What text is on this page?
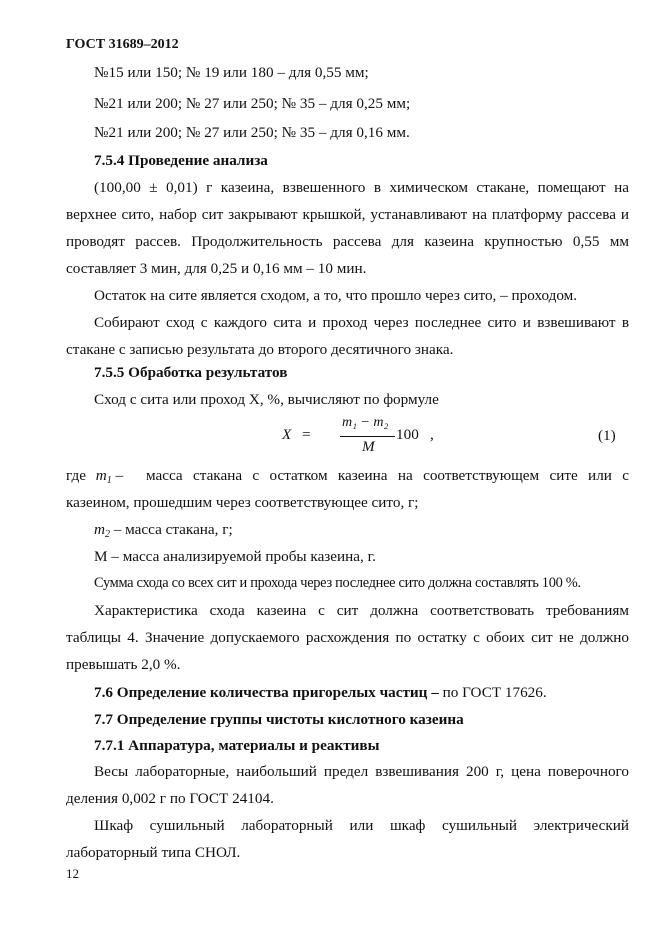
ГОСТ 31689–2012
№15 или 150; № 19 или 180 – для 0,55 мм;
№21 или 200; № 27 или 250; № 35 – для 0,25 мм;
№21 или 200; № 27 или 250; № 35 – для 0,16 мм.
7.5.4 Проведение анализа
(100,00 ± 0,01) г казеина, взвешенного в химическом стакане, помещают на
верхнее сито, набор сит закрывают крышкой, устанавливают на платформу рассева и
проводят рассев. Продолжительность рассева для казеина крупностью 0,55 мм
составляет 3 мин, для 0,25 и 0,16 мм – 10 мин.
Остаток на сите является сходом, а то, что прошло через сито, – проходом.
Собирают сход с каждого сита и проход через последнее сито и взвешивают в
стакане с записью результата до второго десятичного знака.
7.5.5 Обработка результатов
Сход с сита или проход Х, %, вычисляют по формуле
X =
m₁ − m₂
M
100 ,	(1)
где $m_1$ – масса стакана с остатком казеина на соответствующем сите или с
казеином, прошедшим через соответствующее сито, г;
$m_2$ – масса стакана, г;
М – масса анализируемой пробы казеина, г.
Сумма схода со всех сит и прохода через последнее сито должна составлять 100 %.
Характеристика схода казеина с сит должна соответствовать требованиям
таблицы 4. Значение допускаемого расхождения по остатку с обоих сит не должно
превышать 2,0 %.
7.6 Определение количества пригорелых частиц – по ГОСТ 17626.
7.7 Определение группы чистоты кислотного казеина
7.7.1 Аппаратура, материалы и реактивы
Весы лабораторные, наибольший предел взвешивания 200 г, цена поверочного
деления 0,002 г по ГОСТ 24104.
Шкаф сушильный лабораторный или шкаф сушильный электрический
лабораторный типа СНОЛ.
12
